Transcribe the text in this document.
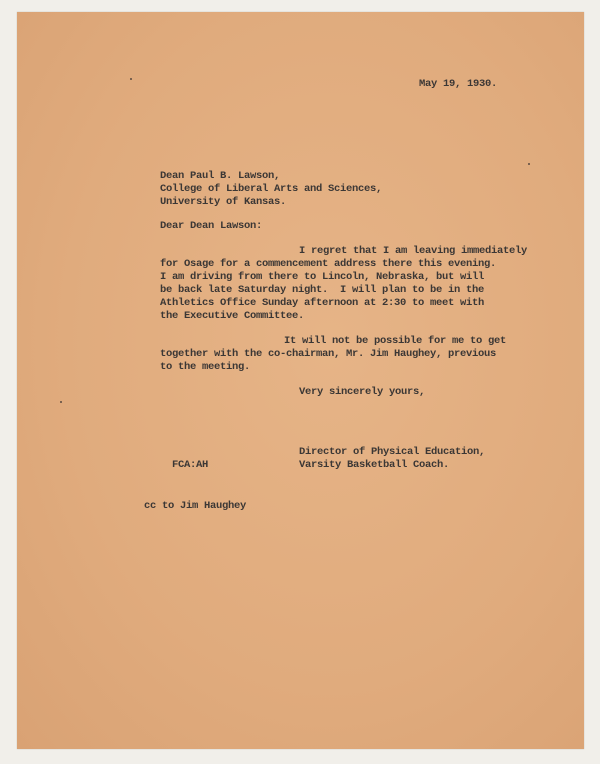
May 19, 1930.
Dean Paul B. Lawson,
College of Liberal Arts and Sciences,
University of Kansas.
Dear Dean Lawson:
I regret that I am leaving immediately
for Osage for a commencement address there this evening.
I am driving from there to Lincoln, Nebraska, but will
be back late Saturday night.  I will plan to be in the
Athletics Office Sunday afternoon at 2:30 to meet with
the Executive Committee.
It will not be possible for me to get
together with the co-chairman, Mr. Jim Haughey, previous
to the meeting.
Very sincerely yours,
Director of Physical Education,
FCA:AH	Varsity Basketball Coach.
cc to Jim Haughey
